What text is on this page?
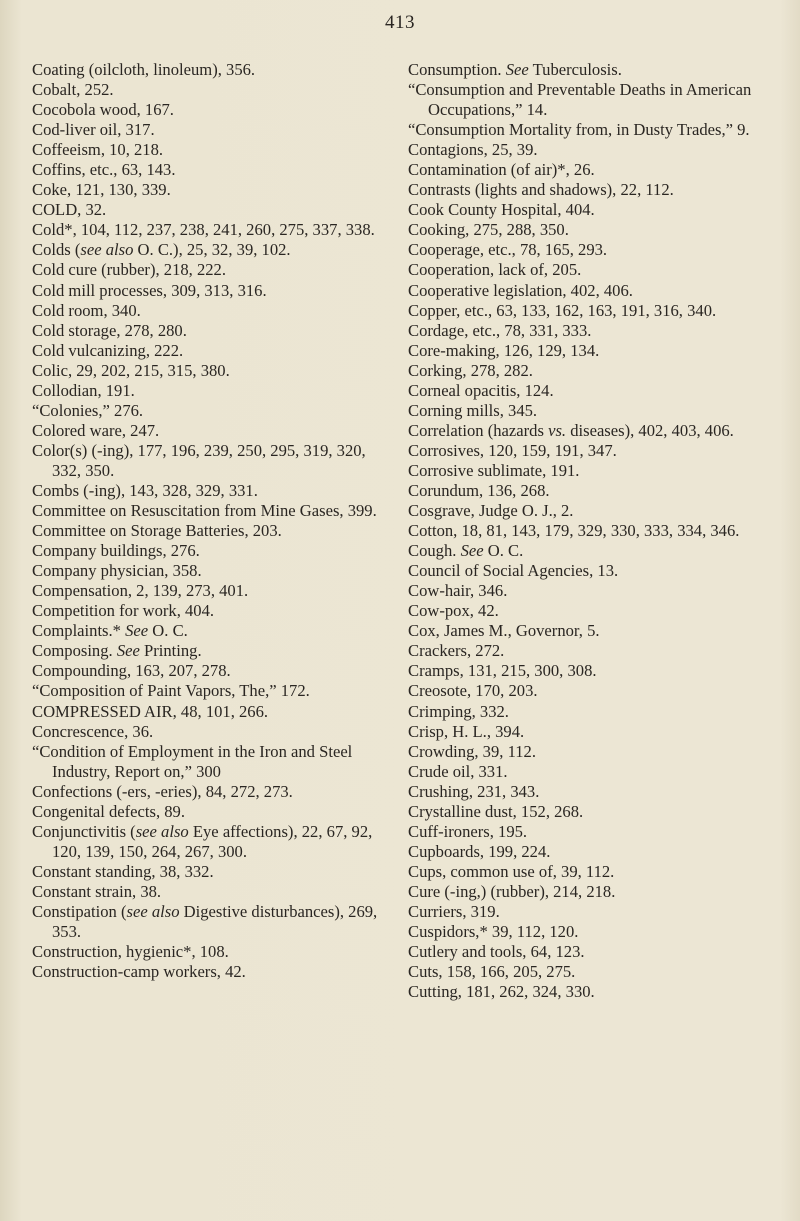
413

Coating (oilcloth, linoleum), 356.

Cobalt, 252.

Cocobola wood, 167.

Cod-liver oil, 317.

Coffeeism, 10, 218.

Coffins, etc., 63, 143.

Coke, 121, 130, 339.

COLD, 32.

Cold*, 104, 112, 237, 238, 241, 260, 275, 337, 338.

Colds (see also O. C.), 25, 32, 39, 102.

Cold cure (rubber), 218, 222.

Cold mill processes, 309, 313, 316.

Cold room, 340.

Cold storage, 278, 280.

Cold vulcanizing, 222.

Colic, 29, 202, 215, 315, 380.

Collodian, 191.

“Colonies,” 276.

Colored ware, 247.

Color(s) (-ing), 177, 196, 239, 250, 295, 319, 320, 332, 350.

Combs (-ing), 143, 328, 329, 331.

Committee on Resuscitation from Mine Gases, 399.

Committee on Storage Batteries, 203.

Company buildings, 276.

Company physician, 358.

Compensation, 2, 139, 273, 401.

Competition for work, 404.

Complaints.* See O. C.

Composing. See Printing.

Compounding, 163, 207, 278.

“Composition of Paint Vapors, The,” 172.

COMPRESSED AIR, 48, 101, 266.

Concrescence, 36.

“Condition of Employment in the Iron and Steel Industry, Report on,” 300

Confections (-ers, -eries), 84, 272, 273.

Congenital defects, 89.

Conjunctivitis (see also Eye affections), 22, 67, 92, 120, 139, 150, 264, 267, 300.

Constant standing, 38, 332.

Constant strain, 38.

Constipation (see also Digestive disturbances), 269, 353.

Construction, hygienic*, 108.

Construction-camp workers, 42.

Consumption. See Tuberculosis.

“Consumption and Preventable Deaths in American Occupations,” 14.

“Consumption Mortality from, in Dusty Trades,” 9.

Contagions, 25, 39.

Contamination (of air)*, 26.

Contrasts (lights and shadows), 22, 112.

Cook County Hospital, 404.

Cooking, 275, 288, 350.

Cooperage, etc., 78, 165, 293.

Cooperation, lack of, 205.

Cooperative legislation, 402, 406.

Copper, etc., 63, 133, 162, 163, 191, 316, 340.

Cordage, etc., 78, 331, 333.

Core-making, 126, 129, 134.

Corking, 278, 282.

Corneal opacitis, 124.

Corning mills, 345.

Correlation (hazards vs. diseases), 402, 403, 406.

Corrosives, 120, 159, 191, 347.

Corrosive sublimate, 191.

Corundum, 136, 268.

Cosgrave, Judge O. J., 2.

Cotton, 18, 81, 143, 179, 329, 330, 333, 334, 346.

Cough. See O. C.

Council of Social Agencies, 13.

Cow-hair, 346.

Cow-pox, 42.

Cox, James M., Governor, 5.

Crackers, 272.

Cramps, 131, 215, 300, 308.

Creosote, 170, 203.

Crimping, 332.

Crisp, H. L., 394.

Crowding, 39, 112.

Crude oil, 331.

Crushing, 231, 343.

Crystalline dust, 152, 268.

Cuff-ironers, 195.

Cupboards, 199, 224.

Cups, common use of, 39, 112.

Cure (-ing,) (rubber), 214, 218.

Curriers, 319.

Cuspidors,* 39, 112, 120.

Cutlery and tools, 64, 123.

Cuts, 158, 166, 205, 275.

Cutting, 181, 262, 324, 330.
